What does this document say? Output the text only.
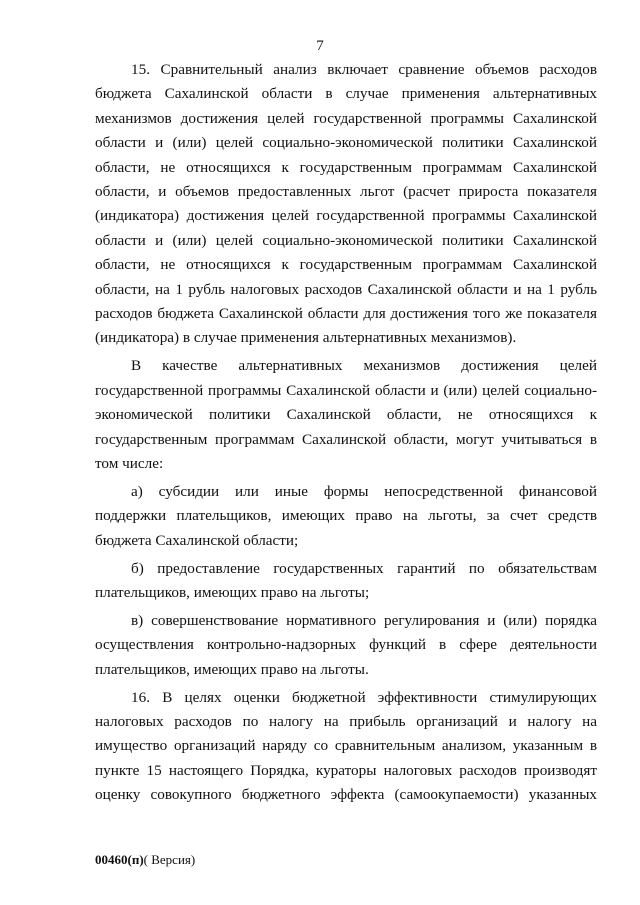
7

15. Сравнительный анализ включает сравнение объемов расходов
бюджета Сахалинской области в случае применения альтернативных
механизмов достижения целей государственной программы Сахалинской
области и (или) целей социально-экономической политики Сахалинской
области, не относящихся к государственным программам Сахалинской
области, и объемов предоставленных льгот (расчет прироста показателя
(индикатора) достижения целей государственной программы Сахалинской
области и (или) целей социально-экономической политики Сахалинской
области, не относящихся к государственным программам Сахалинской
области, на 1 рубль налоговых расходов Сахалинской области и на 1 рубль
расходов бюджета Сахалинской области для достижения того же показателя
(индикатора) в случае применения альтернативных механизмов).

В качестве альтернативных механизмов достижения целей
государственной программы Сахалинской области и (или) целей социально-
экономической политики Сахалинской области, не относящихся к
государственным программам Сахалинской области, могут учитываться в
том числе:

а) субсидии или иные формы непосредственной финансовой
поддержки плательщиков, имеющих право на льготы, за счет средств
бюджета Сахалинской области;

б) предоставление государственных гарантий по обязательствам
плательщиков, имеющих право на льготы;

в) совершенствование нормативного регулирования и (или) порядка
осуществления контрольно-надзорных функций в сфере деятельности
плательщиков, имеющих право на льготы.

16. В целях оценки бюджетной эффективности стимулирующих
налоговых расходов по налогу на прибыль организаций и налогу на
имущество организаций наряду со сравнительным анализом, указанным в
пункте 15 настоящего Порядка, кураторы налоговых расходов производят
оценку совокупного бюджетного эффекта (самоокупаемости) указанных

00460(п)( Версия)
